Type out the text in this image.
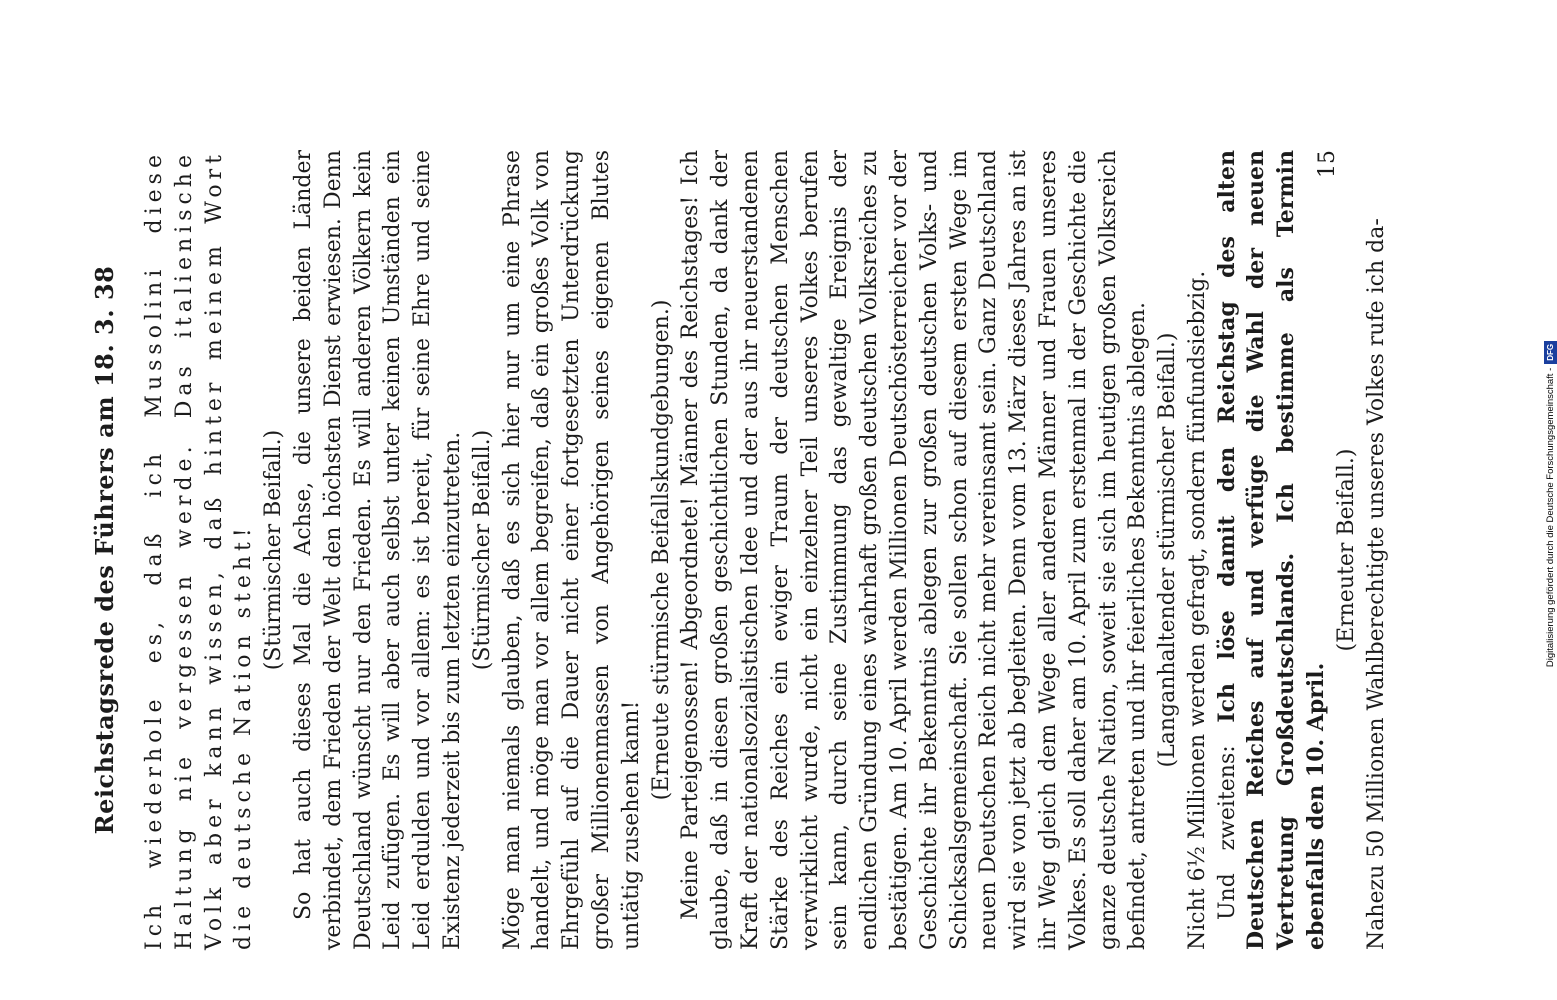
Reichstagsrede des Führers am 18. 3. 38 Ich wiederhole es, daß ich Mussolini diese Haltung nie vergessen werde. Das italienische Volk aber kann wissen, daß hinter meinem Wort die deutsche Nation steht! (Stürmischer Beifall.) So hat auch dieses Mal die Achse, die unsere beiden Länder verbindet, dem Frieden der Welt den höchsten Dienst erwiesen. Denn Deutschland wünscht nur den Frieden. Es will anderen Völkern kein Leid zufügen. Es will aber auch selbst unter keinen Umständen ein Leid erdulden und vor allem: es ist bereit, für seine Ehre und seine Existenz jederzeit bis zum letzten einzutreten. (Stürmischer Beifall.) Möge man niemals glauben, daß es sich hier nur um eine Phrase handelt, und möge man vor allem begreifen, daß ein großes Volk von Ehrgefühl auf die Dauer nicht einer fortgesetzten Unterdrückung großer Millionenmassen von Angehörigen seines eigenen Blutes untätig zusehen kann!

(Erneute stürmische Beifallskundgebungen.) Meine Parteigenossen! Abgeordnete! Männer des Reichstages! Ich glaube, daß in diesen großen geschichtlichen Stunden, da dank der Kraft der nationalsozialistischen Idee und der aus ihr neuerstandenen Stärke des Reiches ein ewiger Traum der deutschen Menschen verwirklicht wurde, nicht ein einzelner Teil unseres Volkes berufen sein kann, durch seine Zustimmung das gewaltige Ereignis der endlichen Gründung eines wahrhaft großen deutschen Volksreiches zu bestätigen. Am 10. April werden Millionen Deutschösterreicher vor der Geschichte ihr Bekenntnis ablegen zur großen deutschen Volks- und Schicksalsgemeinschaft. Sie sollen schon auf diesem ersten Wege im neuen Deutschen Reich nicht mehr vereinsamt sein. Ganz Deutschland wird sie von jetzt ab begleiten. Denn vom 13. März dieses Jahres an ist ihr Weg gleich dem Wege aller anderen Männer und Frauen unseres Volkes. Es soll daher am 10. April zum erstenmal in der Geschichte die ganze deutsche Nation, soweit sie sich im heutigen großen Volksreich befindet, antreten und ihr feierliches Bekenntnis ablegen. (Langanhaltender stürmischer Beifall.) Nicht 6½ Millionen werden gefragt, sondern fünfundsiebzig. Und zweitens: Ich löse damit den Reichstag des alten Deutschen Reiches auf und verfüge die Wahl der neuen Vertretung Großdeutschlands. Ich bestimme als Termin ebenfalls den 10. April.

(Erneuter Beifall.) Nahezu 50 Millionen Wahlberechtigte unseres Volkes rufe ich da-

15
Digitalisierung gefördert durch die Deutsche Forschungsgemeinschaft -
DFG
